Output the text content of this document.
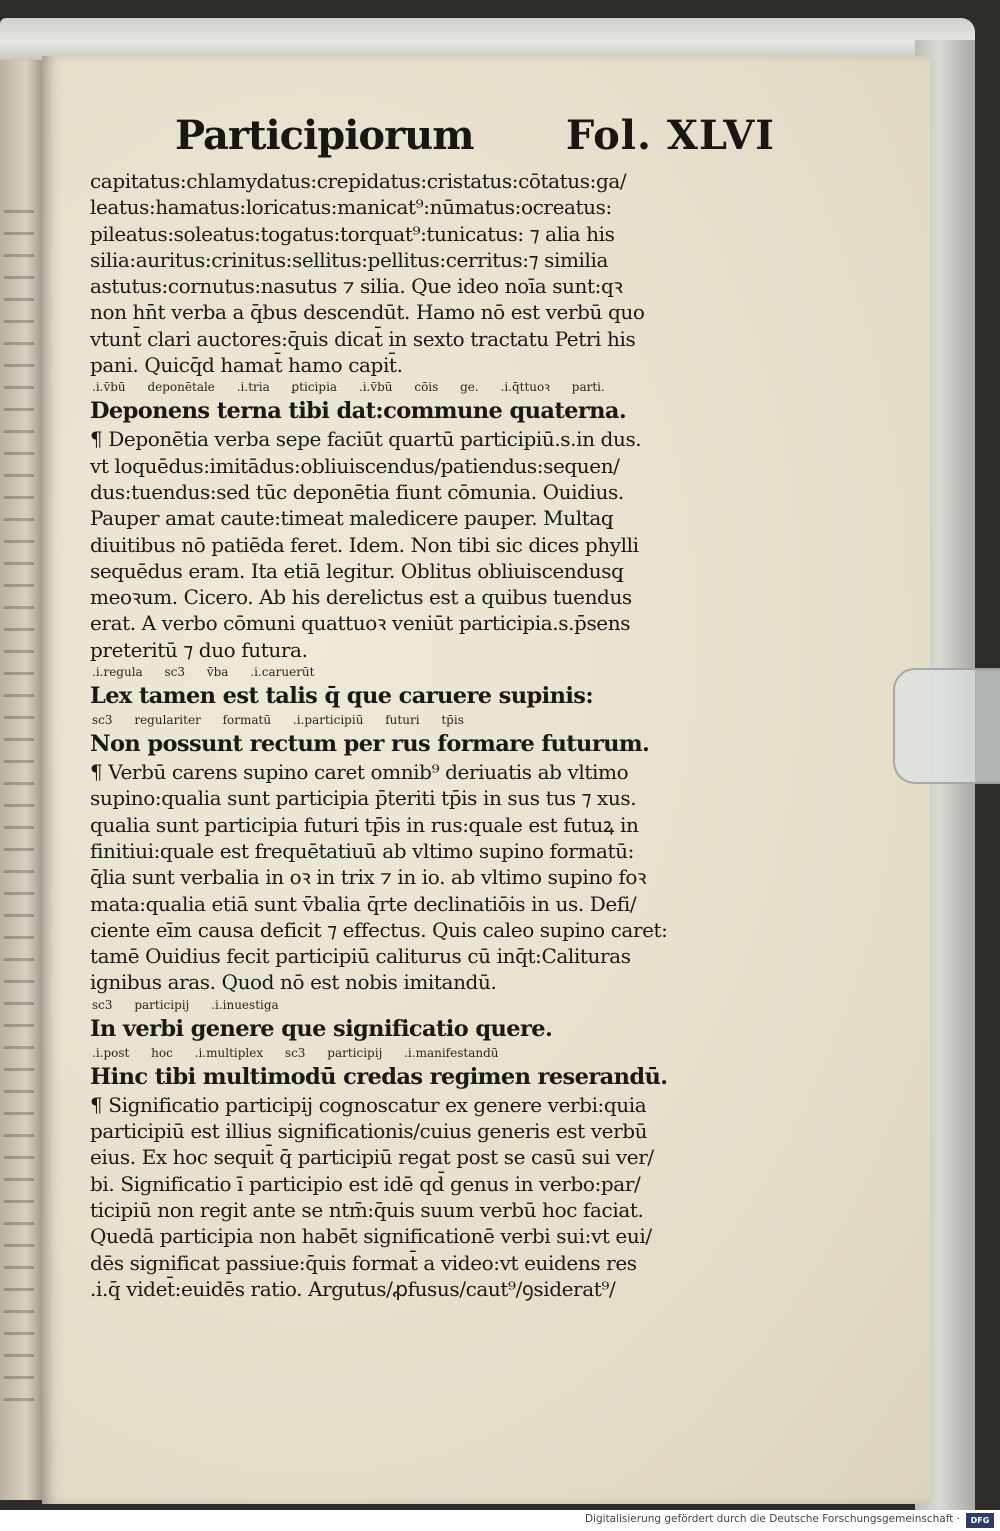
Participiorum Fol. XLVI
capitatus:chlamydatus:crepidatus:cristatus:cōtatus:ga/
leatus:hamatus:loricatus:manicat⁹:nūmatus:ocreatus:
pileatus:soleatus:togatus:torquat⁹:tunicatus: ⁊ alia his
silia:auritus:crinitus:sellitus:pellitus:cerritus:⁊ similia
astutus:cornutus:nasutus ⁊ silia. Que ideo noīa sunt:qꝛ
non hn̄t verba a q̄bus descendūt. Hamo nō est verbū quo
vtunt̄ clari auctores:q̄uis dicat̄ in sexto tractatu Petri his
pani. Quicq̄d hamat̄ hamo capit̄.
.i.v̄bū deponētale .i.tria ꝑticipia .i.v̄bū cōis ge. .i.q̄ttuoꝛ parti.
Deponens terna tibi dat:commune quaterna.
¶ Deponētia verba sepe faciūt quartū participiū.s.in dus.
vt loquēdus:imitādus:obliuiscendus/patiendus:sequen/
dus:tuendus:sed tūc deponētia fiunt cōmunia. Ouidius.
Pauper amat caute:timeat maledicere pauper. Multaq̧
diuitibus nō patiēda feret. Idem. Non tibi sic dices phylli
sequēdus eram. Ita etiā legitur. Oblitus obliuiscendusq̧
meoꝛum. Cicero. Ab his derelictus est a quibus tuendus
erat. A verbo cōmuni quattuoꝛ veniūt participia.s.p̄sens
preteritū ⁊ duo futura.
.i.regula sc3 v̄ba .i.caruerūt
Lex tamen est talis q̄ que caruere supinis:
sc3 regulariter formatū .i.participiū futuri tp̄is
Non possunt rectum per rus formare futurum.
¶ Verbū carens supino caret omnib⁹ deriuatis ab vltimo
supino:qualia sunt participia p̄teriti tp̄is in sus tus ⁊ xus.
qualia sunt participia futuri tp̄is in rus:quale est futuꝝ in
finitiui:quale est frequētatiuū ab vltimo supino formatū:
q̄lia sunt verbalia in oꝛ in trix ⁊ in io. ab vltimo supino foꝛ
mata:qualia etiā sunt v̄balia q̄rte declinatiōis in us. Defi/
ciente eīm causa deficit ⁊ effectus. Quis caleo supino caret:
tamē Ouidius fecit participiū caliturus cū inq̄t:Calituras
ignibus aras. Quod nō est nobis imitandū.
sc3 participij .i.inuestiga
In verbi genere que significatio quere.
.i.post hoc .i.multiplex sc3 participij .i.manifestandū
Hinc tibi multimodū credas regimen reserandū.
¶ Significatio participij cognoscatur ex genere verbi:quia
participiū est illius significationis/cuius generis est verbū
eius. Ex hoc sequit̄ q̄ participiū regat post se casū sui ver/
bi. Significatio ī participio est idē qd̄ genus in verbo:par/
ticipiū non regit ante se ntm̄:q̄uis suum verbū hoc faciat.
Quedā participia non habēt significationē verbi sui:vt eui/
dēs significat passiue:q̄uis format̄ a video:vt euidens res
.i.q̄ videt̄:euidēs ratio. Argutus/ꝓfusus/caut⁹/ꝯsiderat⁹/
Digitalisierung gefördert durch die Deutsche Forschungsgemeinschaft ·	DFG
